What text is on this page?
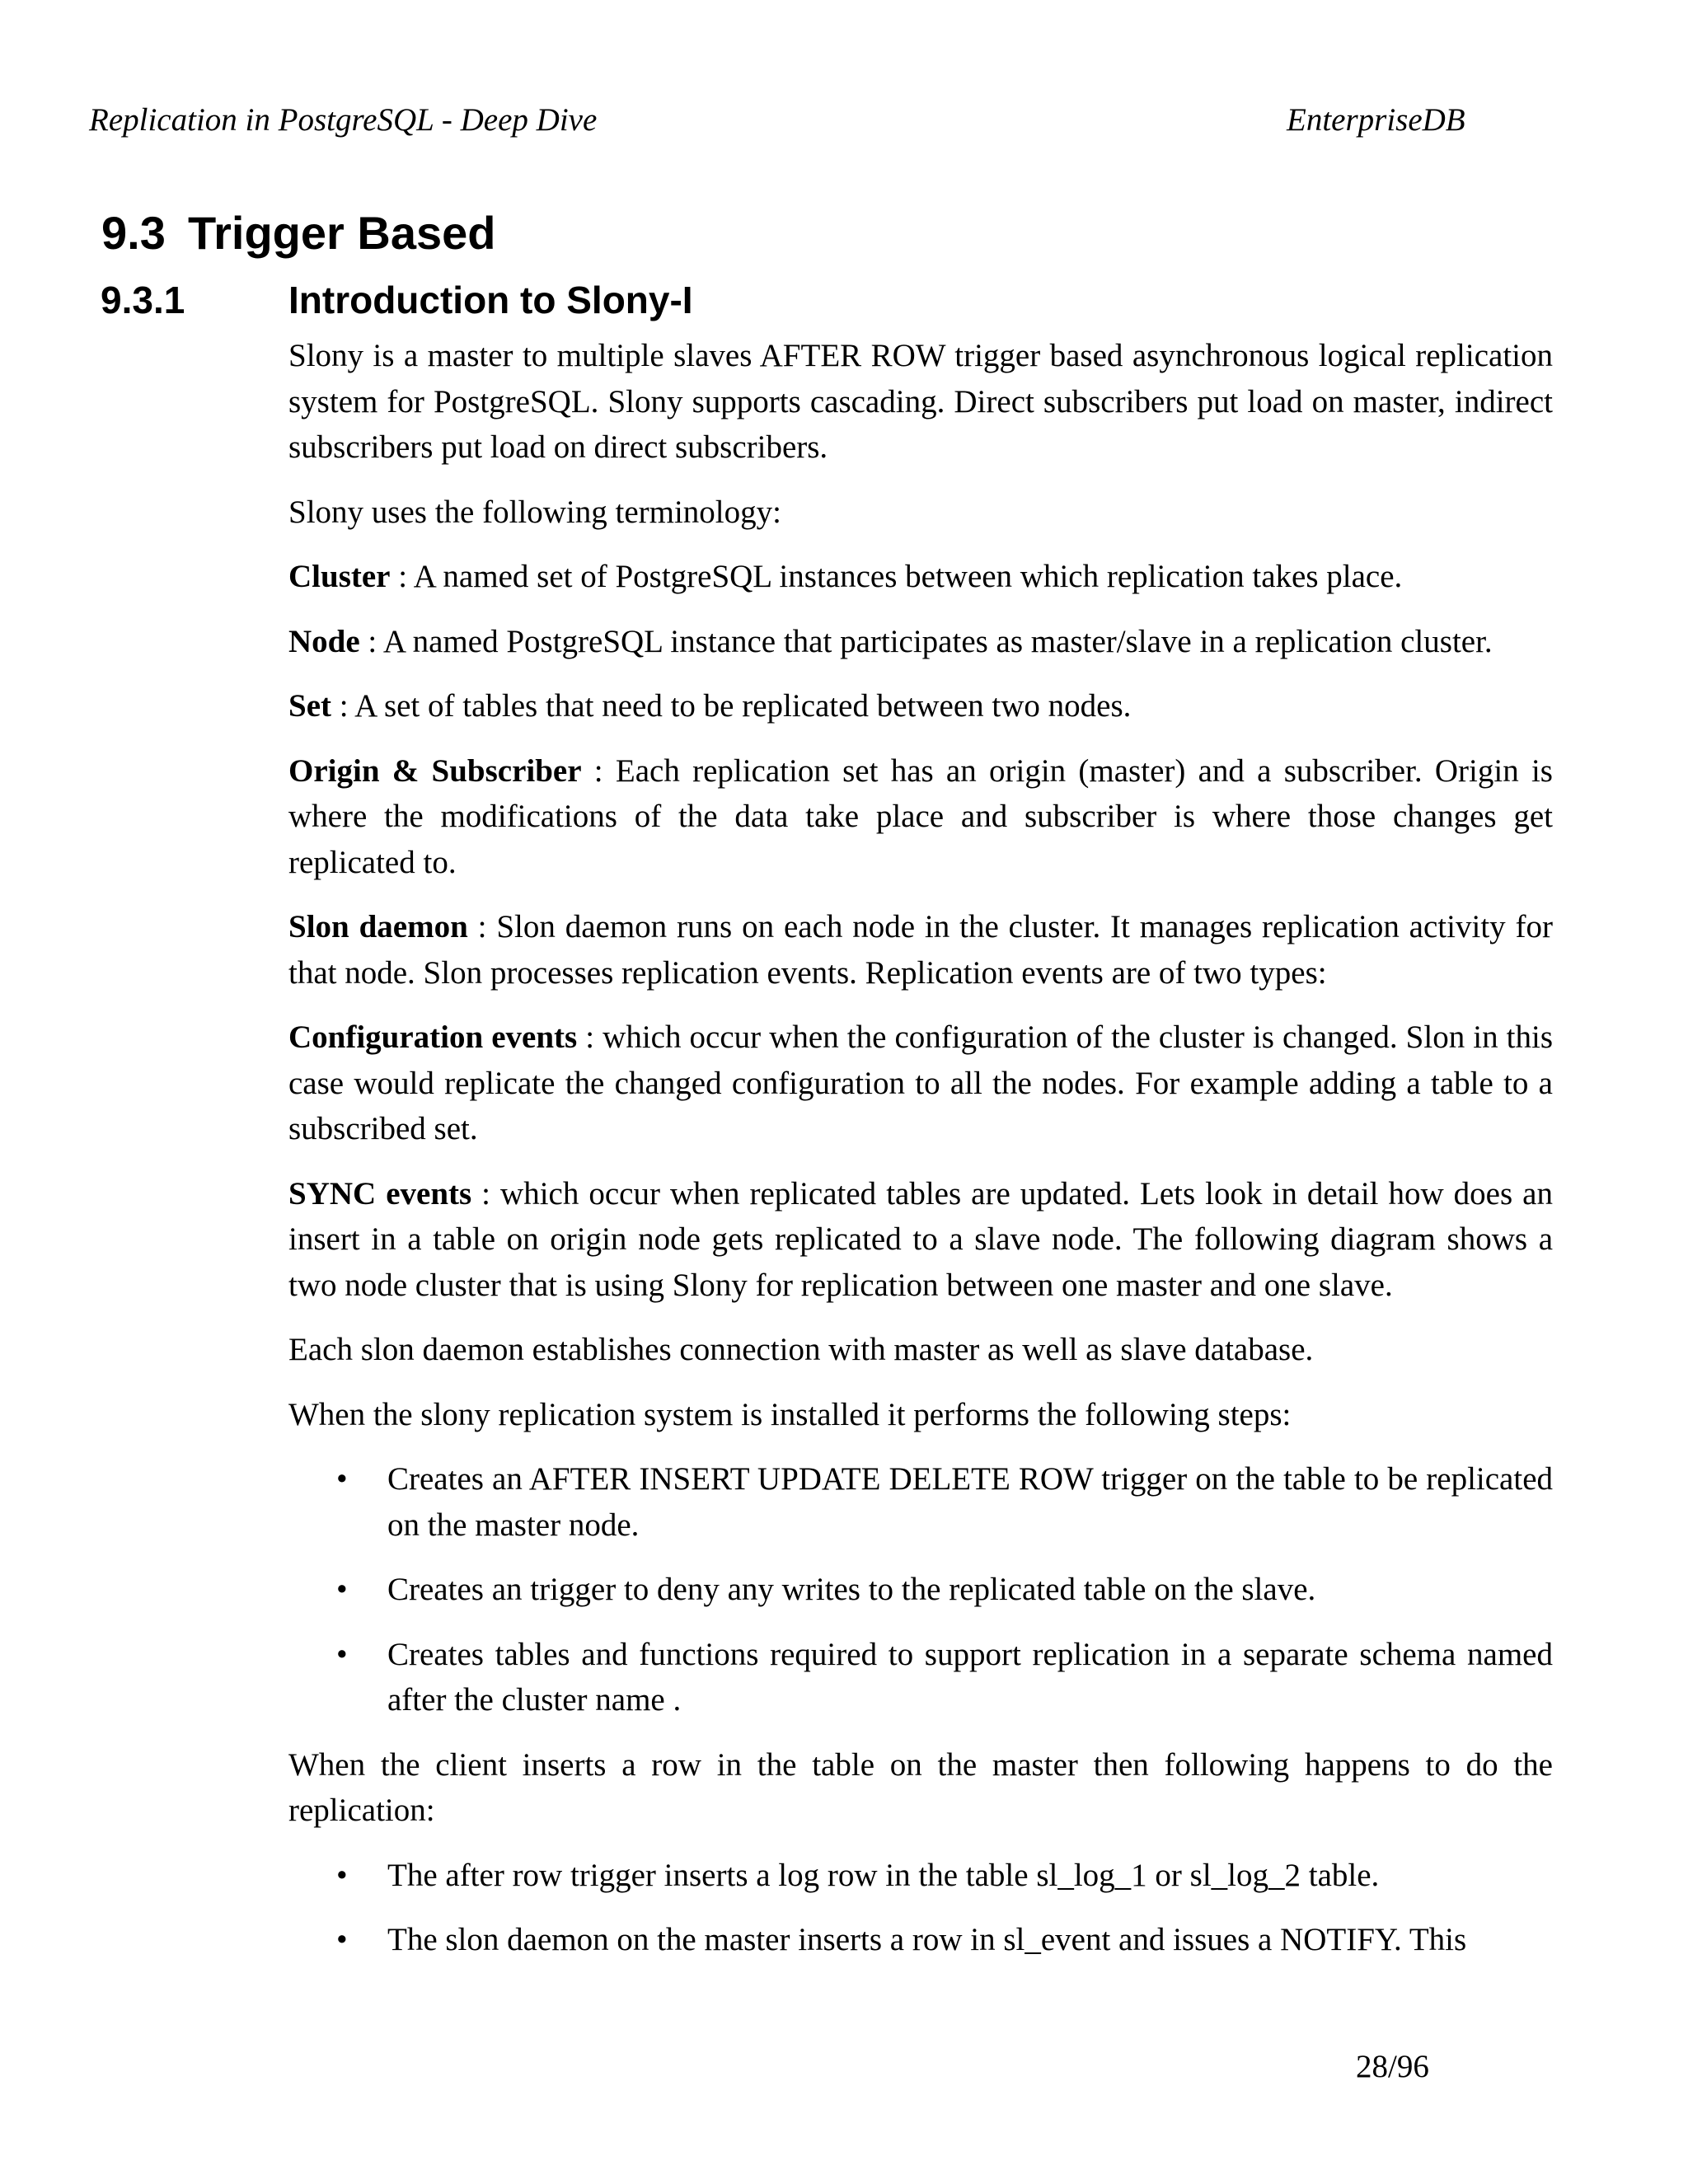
Replication in PostgreSQL - Deep Dive	EnterpriseDB
9.3 Trigger Based
9.3.1	Introduction to Slony-I

Slony is a master to multiple slaves AFTER ROW trigger based asynchronous logical replication system for PostgreSQL. Slony supports cascading. Direct subscribers put load on master, indirect subscribers put load on direct subscribers.

Slony uses the following terminology:

Cluster : A named set of PostgreSQL instances between which replication takes place.

Node : A named PostgreSQL instance that participates as master/slave in a replication cluster.

Set : A set of tables that need to be replicated between two nodes.

Origin & Subscriber : Each replication set has an origin (master) and a subscriber. Origin is where the modifications of the data take place and subscriber is where those changes get replicated to.

Slon daemon : Slon daemon runs on each node in the cluster. It manages replication activity for that node. Slon processes replication events. Replication events are of two types:

Configuration events : which occur when the configuration of the cluster is changed. Slon in this case would replicate the changed configuration to all the nodes. For example adding a table to a subscribed set.

SYNC events : which occur when replicated tables are updated. Lets look in detail how does an insert in a table on origin node gets replicated to a slave node. The following diagram shows a two node cluster that is using Slony for replication between one master and one slave.

Each slon daemon establishes connection with master as well as slave database.

When the slony replication system is installed it performs the following steps:

• Creates an AFTER INSERT UPDATE DELETE ROW trigger on the table to be replicated on the master node.
• Creates an trigger to deny any writes to the replicated table on the slave.
• Creates tables and functions required to support replication in a separate schema named after the cluster name .

When the client inserts a row in the table on the master then following happens to do the replication:

• The after row trigger inserts a log row in the table sl_log_1 or sl_log_2 table.
• The slon daemon on the master inserts a row in sl_event and issues a NOTIFY. This
28/96
